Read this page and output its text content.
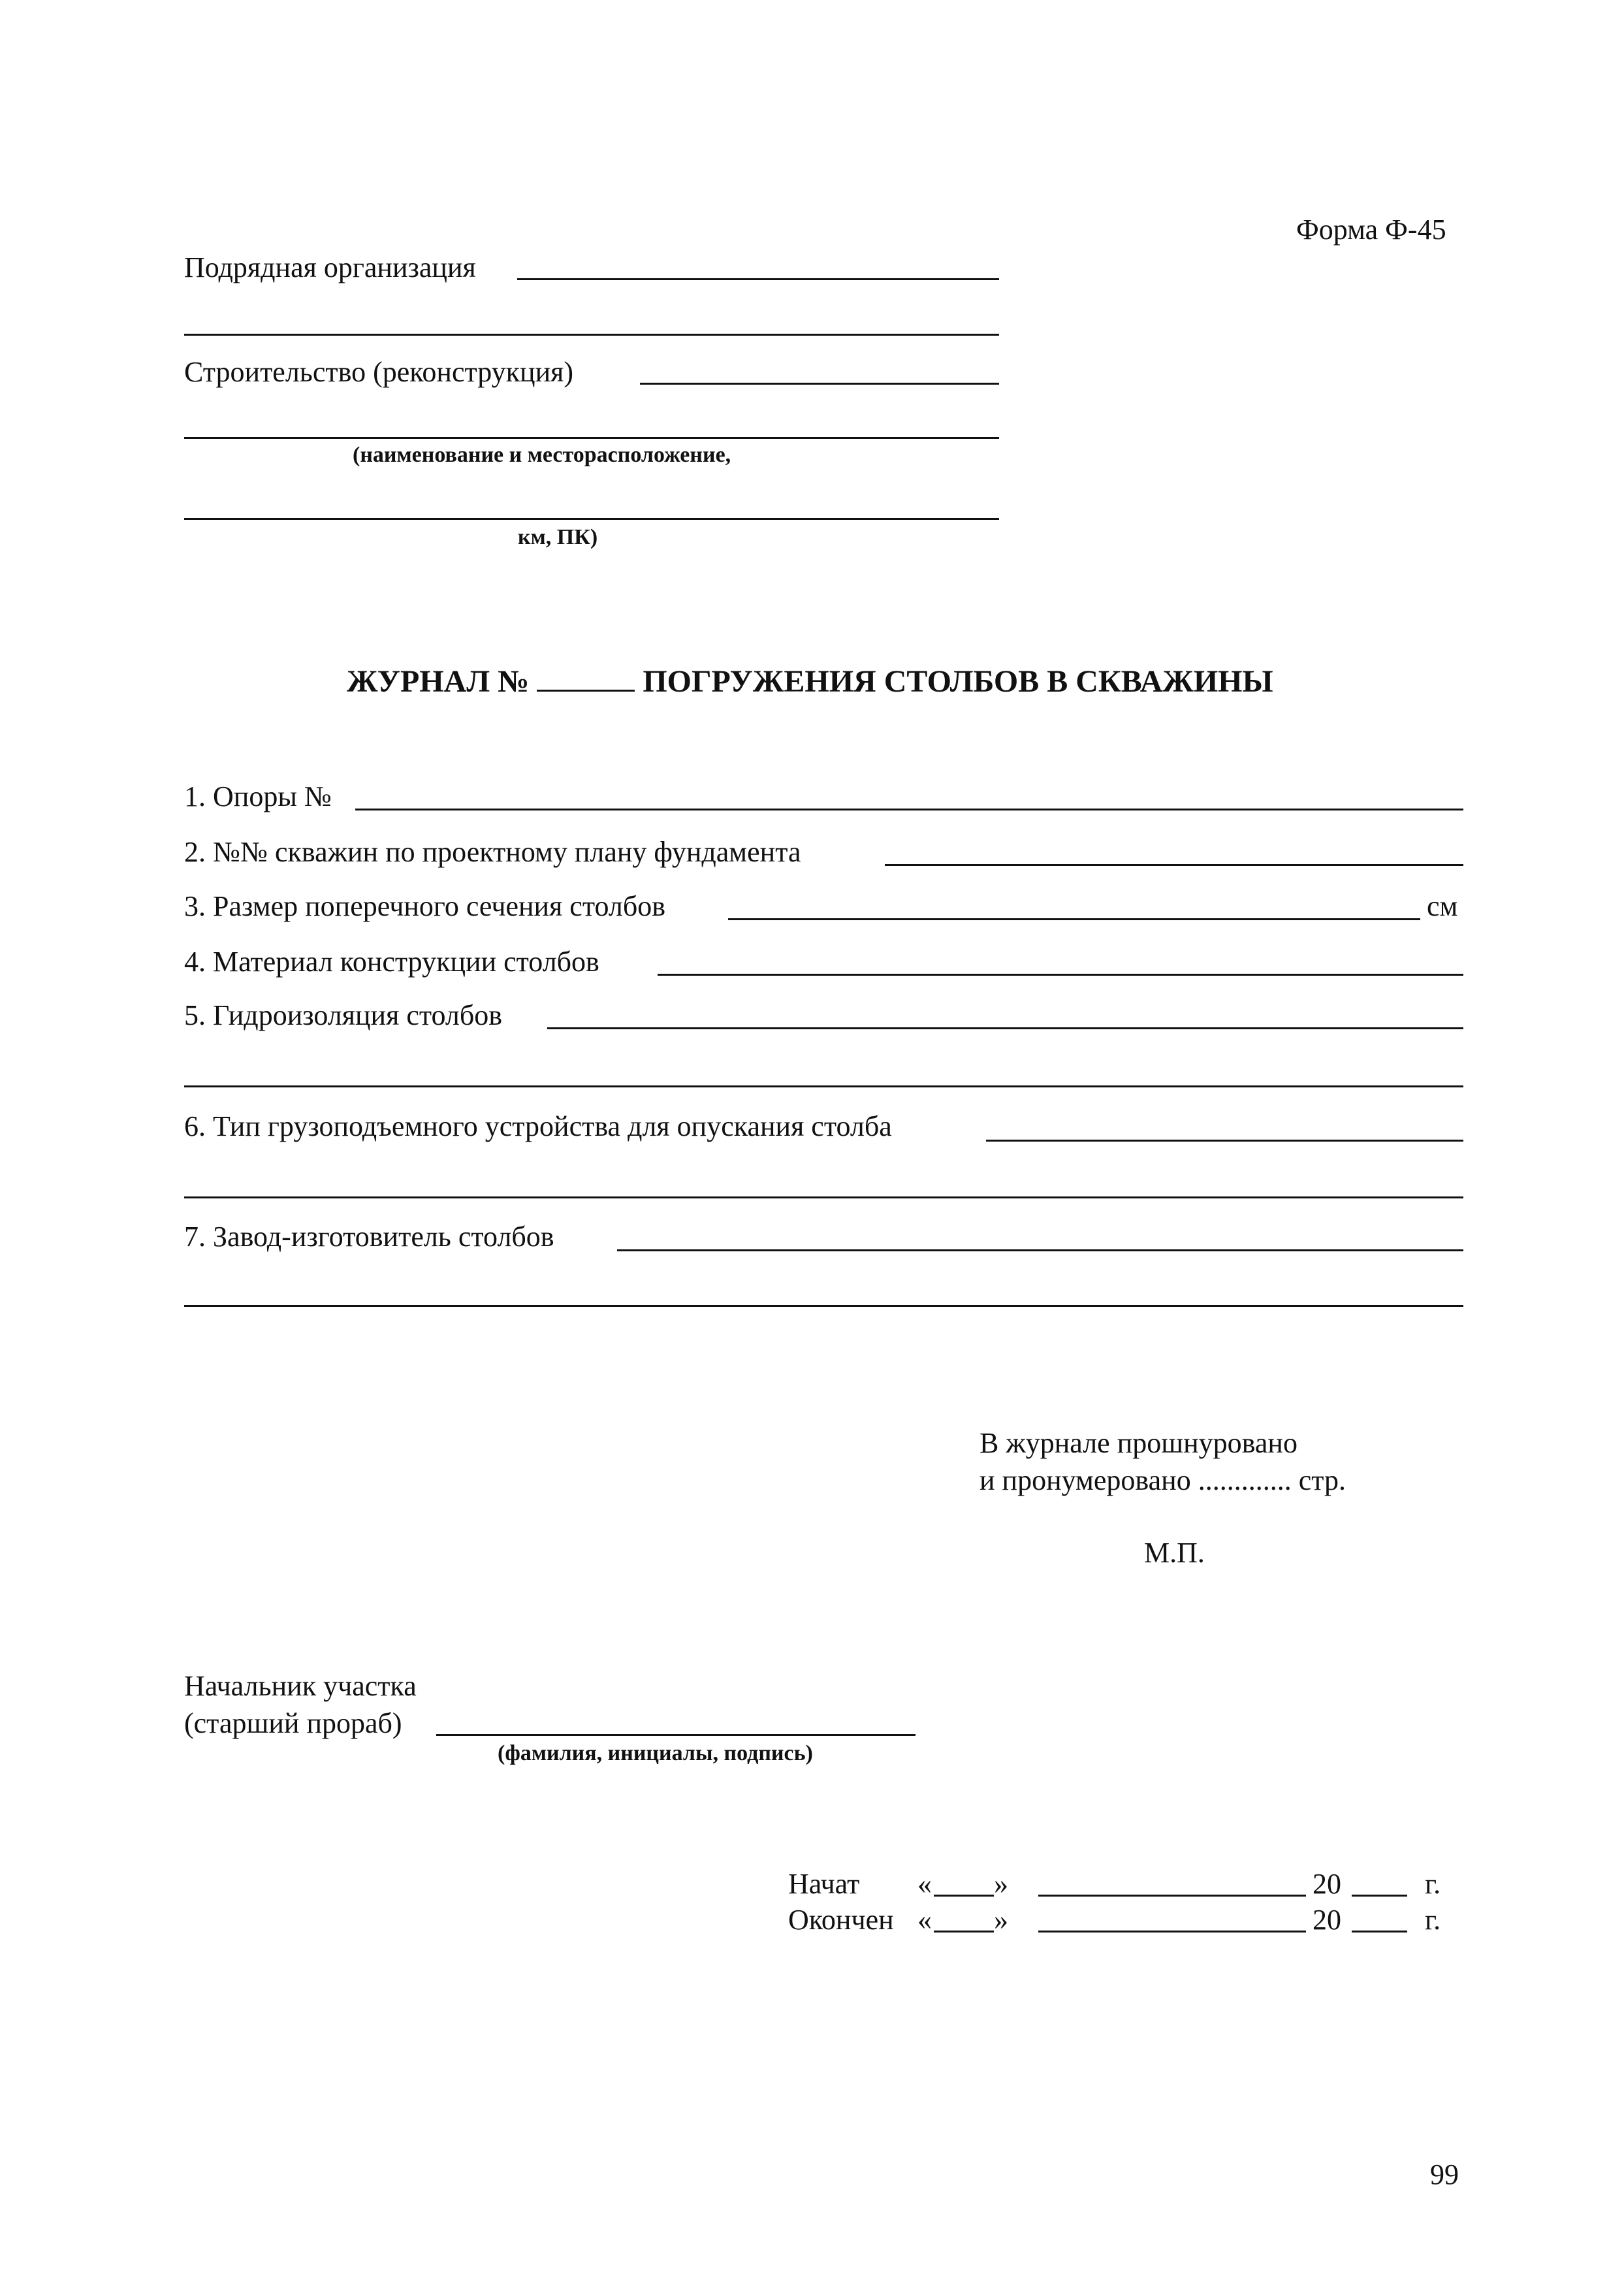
Форма Ф-45
Подрядная организация
Строительство (реконструкция)
(наименование и месторасположение,
км, ПК)
ЖУРНАЛ №	ПОГРУЖЕНИЯ СТОЛБОВ В СКВАЖИНЫ
1. Опоры №
2. №№ скважин по проектному плану фундамента
3. Размер поперечного сечения столбов	см
4. Материал конструкции столбов
5. Гидроизоляция столбов
6. Тип грузоподъемного устройства для опускания столба
7. Завод-изготовитель столбов
В журнале прошнуровано
и пронумеровано ............. стр.
М.П.
Начальник участка
(старший прораб)
(фамилия, инициалы, подпись)
Начат « »	20	г.
Окончен « »	20	г.
99
